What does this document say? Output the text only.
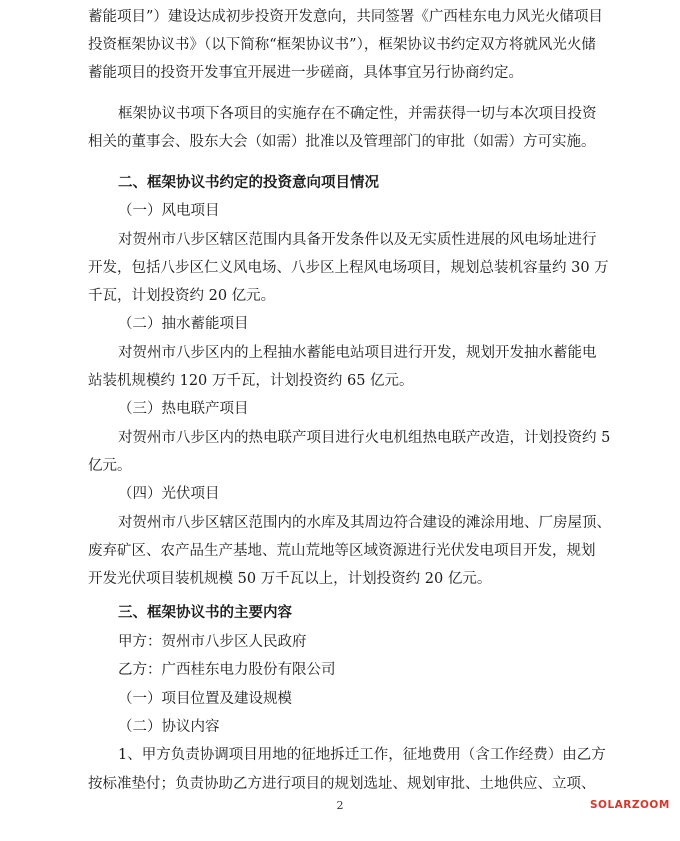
蓄能项目”）建设达成初步投资开发意向，共同签署《广西桂东电力风光火储项目
投资框架协议书》（以下简称“框架协议书”），框架协议书约定双方将就风光火储
蓄能项目的投资开发事宜开展进一步磋商，具体事宜另行协商约定。
框架协议书项下各项目的实施存在不确定性，并需获得一切与本次项目投资
相关的董事会、股东大会（如需）批准以及管理部门的审批（如需）方可实施。
二、框架协议书约定的投资意向项目情况
（一）风电项目
对贺州市八步区辖区范围内具备开发条件以及无实质性进展的风电场址进行
开发，包括八步区仁义风电场、八步区上程风电场项目，规划总装机容量约 30 万
千瓦，计划投资约 20 亿元。
（二）抽水蓄能项目
对贺州市八步区内的上程抽水蓄能电站项目进行开发，规划开发抽水蓄能电
站装机规模约 120 万千瓦，计划投资约 65 亿元。
（三）热电联产项目
对贺州市八步区内的热电联产项目进行火电机组热电联产改造，计划投资约 5
亿元。
（四）光伏项目
对贺州市八步区辖区范围内的水库及其周边符合建设的滩涂用地、厂房屋顶、
废弃矿区、农产品生产基地、荒山荒地等区域资源进行光伏发电项目开发，规划
开发光伏项目装机规模 50 万千瓦以上，计划投资约 20 亿元。
三、框架协议书的主要内容
甲方：贺州市八步区人民政府
乙方：广西桂东电力股份有限公司
（一）项目位置及建设规模
（二）协议内容
1、甲方负责协调项目用地的征地拆迁工作，征地费用（含工作经费）由乙方
按标准垫付；负责协助乙方进行项目的规划选址、规划审批、土地供应、立项、
2	SOLARZOOM
